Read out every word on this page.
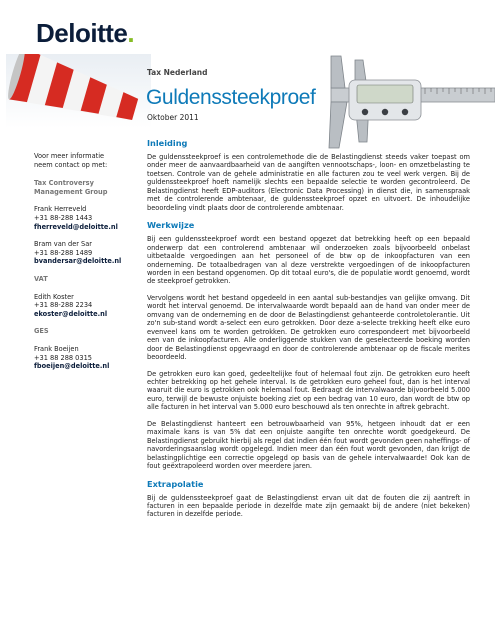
Deloitte.
Tax Nederland
Guldenssteekproef
Oktober 2011
Voor meer informatie
neem contact op met:
Tax Controversy
Management Group
Frank Herreveld
+31 88-288 1443
fherreveld@deloitte.nl
Bram van der Sar
+31 88-288 1489
bvandersar@deloitte.nl
VAT
Edith Koster
+31 88-288 2234
ekoster@deloitte.nl
GES
Frank Boeijen
+31 88 288 0315
fboeijen@deloitte.nl
Inleiding

De guldenssteekproef is een controlemethode die de Belastingdienst steeds vaker toepast om onder meer de aanvaardbaarheid van de aangiften vennootschaps-, loon- en omzetbelasting te toetsen. Controle van de gehele administratie en alle facturen zou te veel werk vergen. Bij de guldenssteekproef hoeft namelijk slechts een bepaalde selectie te worden gecontroleerd. De Belastingdienst heeft EDP-auditors (Electronic Data Processing) in dienst die, in samenspraak met de controlerende ambtenaar, de guldenssteekproef opzet en uitvoert. De inhoudelijke beoordeling vindt plaats door de controlerende ambtenaar.

Werkwijze

Bij een guldenssteekproef wordt een bestand opgezet dat betrekking heeft op een bepaald onderwerp dat een controlerend ambtenaar wil onderzoeken zoals bijvoorbeeld onbelast uitbetaalde vergoedingen aan het personeel of de btw op de inkoopfacturen van een onderneming. De totaalbedragen van al deze verstrekte vergoedingen of de inkoopfacturen worden in een bestand opgenomen. Op dit totaal euro's, die de populatie wordt genoemd, wordt de steekproef getrokken.

Vervolgens wordt het bestand opgedeeld in een aantal sub-bestandjes van gelijke omvang. Dit wordt het interval genoemd. De intervalwaarde wordt bepaald aan de hand van onder meer de omvang van de onderneming en de door de Belastingdienst gehanteerde controletolerantie. Uit zo'n sub-stand wordt a-select een euro getrokken. Door deze a-selecte trekking heeft elke euro evenveel kans om te worden getrokken. De getrokken euro correspondeert met bijvoorbeeld een van de inkoopfacturen. Alle onderliggende stukken van de geselecteerde boeking worden door de Belastingdienst opgevraagd en door de controlerende ambtenaar op de fiscale merites beoordeeld.

De getrokken euro kan goed, gedeeltelijke fout of helemaal fout zijn. De getrokken euro heeft echter betrekking op het gehele interval. Is de getrokken euro geheel fout, dan is het interval waaruit die euro is getrokken ook helemaal fout. Bedraagt de intervalwaarde bijvoorbeeld 5.000 euro, terwijl de bewuste onjuiste boeking ziet op een bedrag van 10 euro, dan wordt de btw op alle facturen in het interval van 5.000 euro beschouwd als ten onrechte in aftrek gebracht.

De Belastingdienst hanteert een betrouwbaarheid van 95%, hetgeen inhoudt dat er een maximale kans is van 5% dat een onjuiste aangifte ten onrechte wordt goedgekeurd. De Belastingdienst gebruikt hierbij als regel dat indien één fout wordt gevonden geen naheffings- of navorderingsaanslag wordt opgelegd. Indien meer dan één fout wordt gevonden, dan krijgt de belastingplichtige een correctie opgelegd op basis van de gehele intervalwaarde! Ook kan de fout geëxtrapoleerd worden over meerdere jaren.

Extrapolatie

Bij de guldenssteekproef gaat de Belastingdienst ervan uit dat de fouten die zij aantreft in facturen in een bepaalde periode in dezelfde mate zijn gemaakt bij de andere (niet bekeken) facturen in dezelfde periode.
